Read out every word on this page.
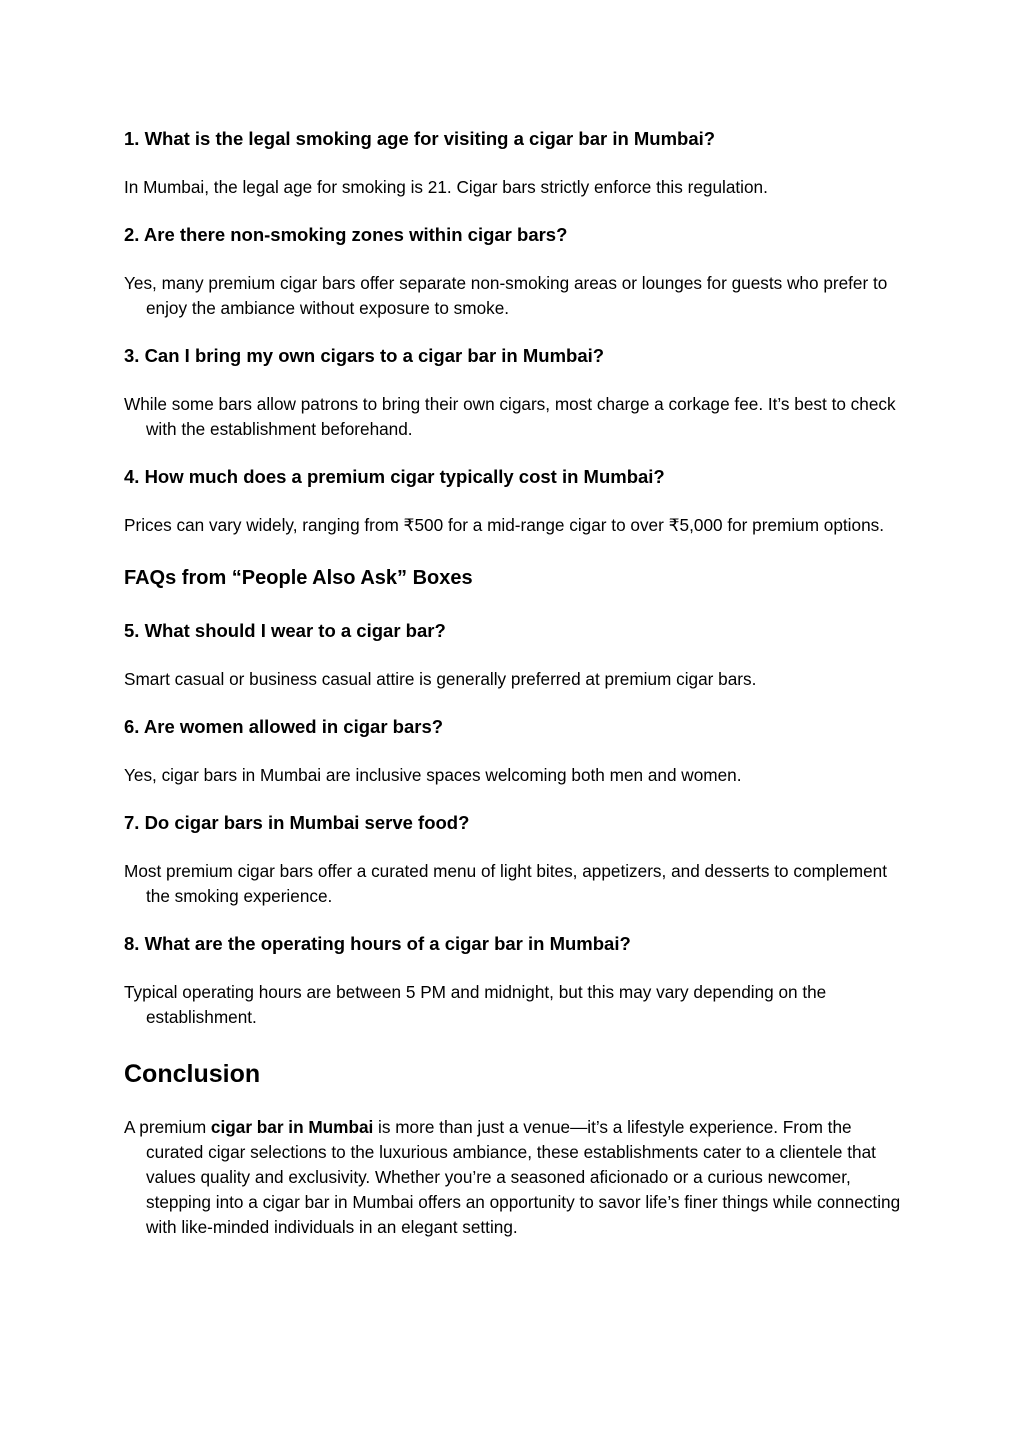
1. What is the legal smoking age for visiting a cigar bar in Mumbai?

In Mumbai, the legal age for smoking is 21. Cigar bars strictly enforce this regulation.

2. Are there non-smoking zones within cigar bars?

Yes, many premium cigar bars offer separate non-smoking areas or lounges for guests who prefer to enjoy the ambiance without exposure to smoke.

3. Can I bring my own cigars to a cigar bar in Mumbai?

While some bars allow patrons to bring their own cigars, most charge a corkage fee. It’s best to check with the establishment beforehand.

4. How much does a premium cigar typically cost in Mumbai?

Prices can vary widely, ranging from ₹500 for a mid-range cigar to over ₹5,000 for premium options.

FAQs from “People Also Ask” Boxes
5. What should I wear to a cigar bar?

Smart casual or business casual attire is generally preferred at premium cigar bars.

6. Are women allowed in cigar bars?

Yes, cigar bars in Mumbai are inclusive spaces welcoming both men and women.

7. Do cigar bars in Mumbai serve food?

Most premium cigar bars offer a curated menu of light bites, appetizers, and desserts to complement the smoking experience.

8. What are the operating hours of a cigar bar in Mumbai?

Typical operating hours are between 5 PM and midnight, but this may vary depending on the establishment.

Conclusion

A premium cigar bar in Mumbai is more than just a venue—it’s a lifestyle experience. From the curated cigar selections to the luxurious ambiance, these establishments cater to a clientele that values quality and exclusivity. Whether you’re a seasoned aficionado or a curious newcomer, stepping into a cigar bar in Mumbai offers an opportunity to savor life’s finer things while connecting with like-minded individuals in an elegant setting.
